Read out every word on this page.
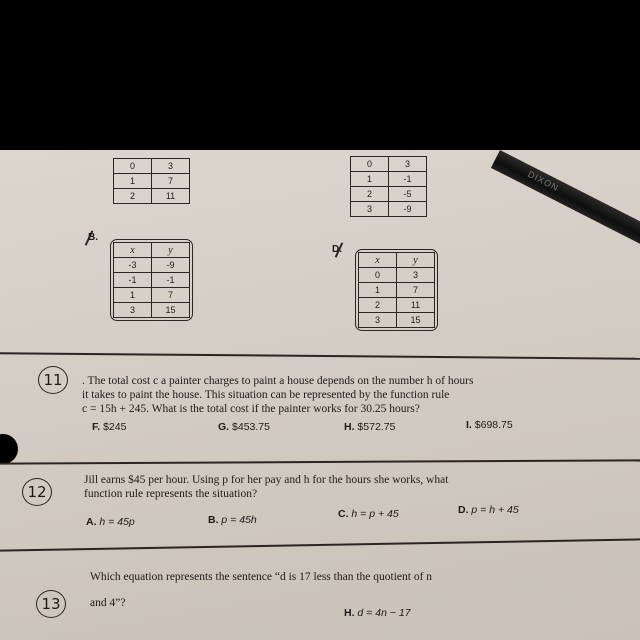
0	3
1	7
2	11
0	3
1	-1
2	-5
3	-9
B.
x	y
-3	-9
-1	-1
1	7
3	15
D.
x	y
0	3
1	7
2	11
3	15
11	. The total cost c a painter charges to paint a house depends on the number h of hours
it takes to paint the house. This situation can be represented by the function rule
c = 15h + 245. What is the total cost if the painter works for 30.25 hours?
F. $245	G. $453.75	H. $572.75	I. $698.75
12
Jill earns $45 per hour. Using p for her pay and h for the hours she works, what
function rule represents the situation?
A. h = 45p	B. p = 45h	C. h = p + 45	D. p = h + 45
13
Which equation represents the sentence “d is 17 less than the quotient of n
and 4”?
H. d = 4n − 17
DIXON
